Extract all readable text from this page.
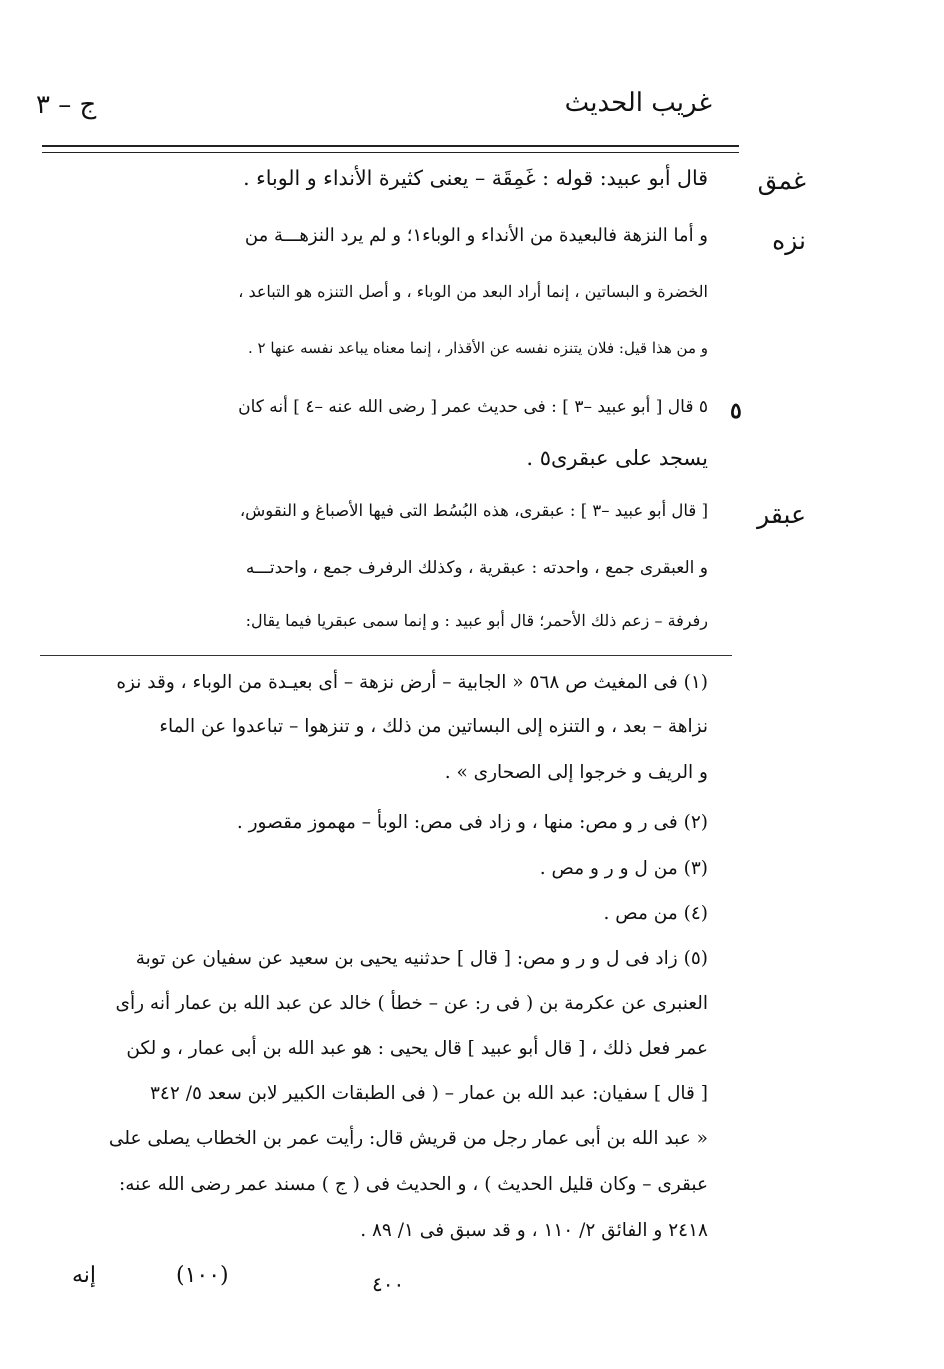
غريب الحديث
ج – ٣
غمق
قال أبو عبيد: قوله : غَمِقَة – يعنى كثيرة الأنداء و الوباء .
نزه
و أما النزهة فالبعيدة من الأنداء و الوباء١؛ و لم يرد النزهـــة من
الخضرة و البساتين ، إنما أراد البعد من الوباء ، و أصل التنزه هو التباعد ،
و من هذا قيل: فلان يتنزه نفسه عن الأقذار ، إنما معناه يباعد نفسه عنها ٢ .
٥
٥ قال [ أبو عبيد –٣ ] : فى حديث عمر [ رضى الله عنه –٤ ] أنه كان
يسجد على عبقرى٥ .
عبقر
[ قال أبو عبيد –٣ ] : عبقرى، هذه البُسُط التى فيها الأصباغ و النقوش،
و العبقرى جمع ، واحدته : عبقرية ، وكذلك الرفرف جمع ، واحدتـــه
رفرفة – زعم ذلك الأحمر؛ قال أبو عبيد : و إنما سمى عبقريا فيما يقال:
(١) فى المغيث ص ٥٦٨ « الجابية – أرض نزهة – أى بعيـدة من الوباء ، وقد نزه
نزاهة – بعد ، و التنزه إلى البساتين من ذلك ، و تنزهوا – تباعدوا عن الماء
و الريف و خرجوا إلى الصحارى » .
(٢) فى ر و مص: منها ، و زاد فى مص: الوبأ – مهموز مقصور .
(٣) من ل و ر و مص .
(٤) من مص .
(٥) زاد فى ل و ر و مص: [ قال ] حدثنيه يحيى بن سعيد عن سفيان عن توبة
العنبرى عن عكرمة بن ( فى ر: عن – خطأ ) خالد عن عبد الله بن عمار أنه رأى
عمر فعل ذلك ، [ قال أبو عبيد ] قال يحيى : هو عبد الله بن أبى عمار ، و لكن
[ قال ] سفيان: عبد الله بن عمار – ( فى الطبقات الكبير لابن سعد ٥/ ٣٤٢
« عبد الله بن أبى عمار رجل من قريش قال: رأيت عمر بن الخطاب يصلى على
عبقرى – وكان قليل الحديث ) ، و الحديث فى ( ج ) مسند عمر رضى الله عنه:
٢٤١٨ و الفائق ٢/ ١١٠ ، و قد سبق فى ١/ ٨٩ .
إنه	(١٠٠)	٤٠٠
